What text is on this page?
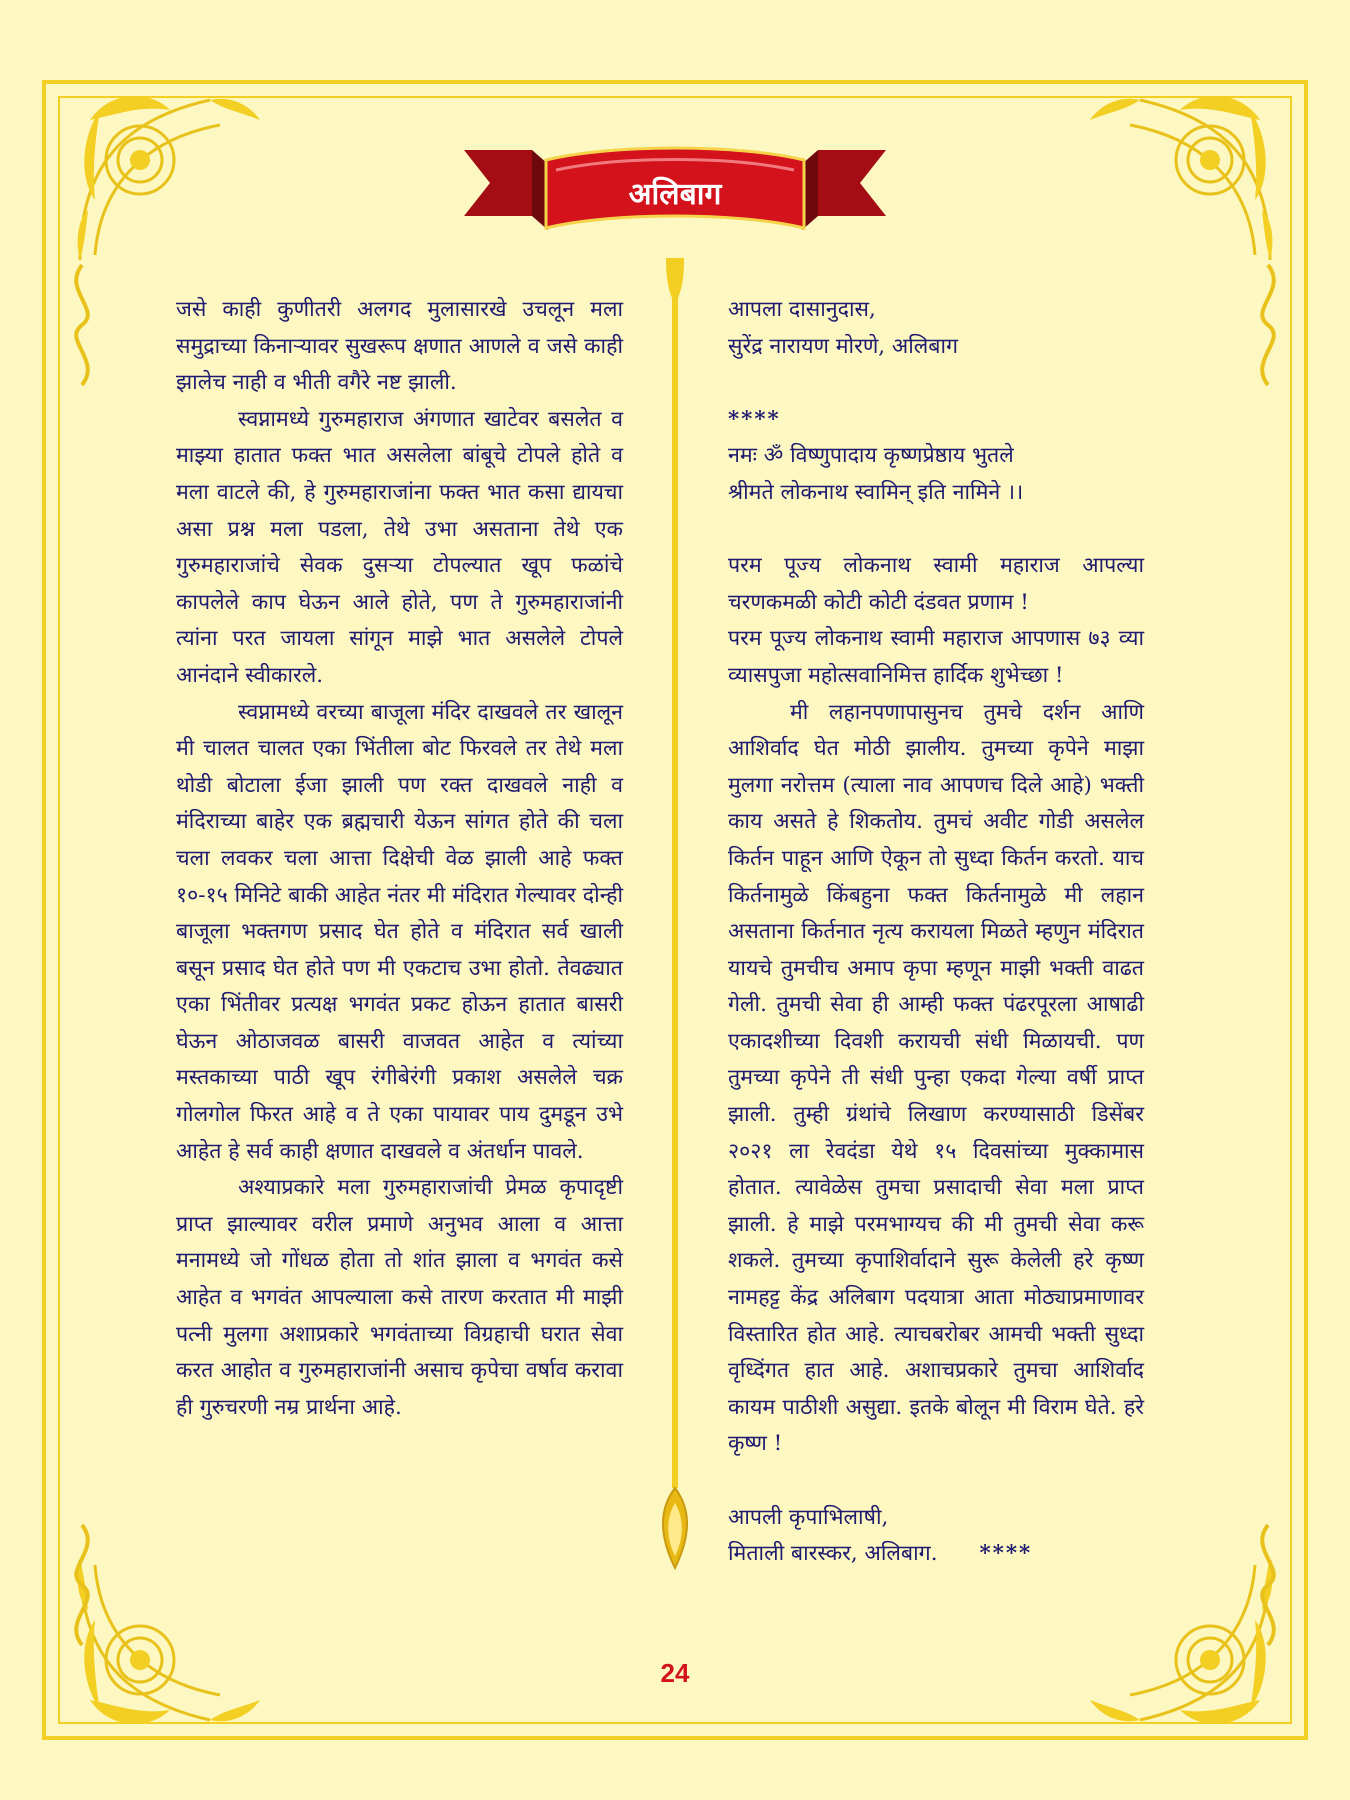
अलिबाग

जसे काही कुणीतरी अलगद मुलासारखे उचलून मला समुद्राच्या किनाऱ्यावर सुखरूप क्षणात आणले व जसे काही झालेच नाही व भीती वगैरे नष्ट झाली.

स्वप्नामध्ये गुरुमहाराज अंगणात खाटेवर बसलेत व माझ्या हातात फक्त भात असलेला बांबूचे टोपले होते व मला वाटले की, हे गुरुमहाराजांना फक्त भात कसा द्यायचा असा प्रश्न मला पडला, तेथे उभा असताना तेथे एक गुरुमहाराजांचे सेवक दुसऱ्या टोपल्यात खूप फळांचे कापलेले काप घेऊन आले होते, पण ते गुरुमहाराजांनी त्यांना परत जायला सांगून माझे भात असलेले टोपले आनंदाने स्वीकारले.

स्वप्नामध्ये वरच्या बाजूला मंदिर दाखवले तर खालून मी चालत चालत एका भिंतीला बोट फिरवले तर तेथे मला थोडी बोटाला ईजा झाली पण रक्त दाखवले नाही व मंदिराच्या बाहेर एक ब्रह्मचारी येऊन सांगत होते की चला चला लवकर चला आत्ता दिक्षेची वेळ झाली आहे फक्त १०-१५ मिनिटे बाकी आहेत नंतर मी मंदिरात गेल्यावर दोन्ही बाजूला भक्तगण प्रसाद घेत होते व मंदिरात सर्व खाली बसून प्रसाद घेत होते पण मी एकटाच उभा होतो. तेवढ्यात एका भिंतीवर प्रत्यक्ष भगवंत प्रकट होऊन हातात बासरी घेऊन ओठाजवळ बासरी वाजवत आहेत व त्यांच्या मस्तकाच्या पाठी खूप रंगीबेरंगी प्रकाश असलेले चक्र गोलगोल फिरत आहे व ते एका पायावर पाय दुमडून उभे आहेत हे सर्व काही क्षणात दाखवले व अंतर्धान पावले.

अश्याप्रकारे मला गुरुमहाराजांची प्रेमळ कृपादृष्टी प्राप्त झाल्यावर वरील प्रमाणे अनुभव आला व आत्ता मनामध्ये जो गोंधळ होता तो शांत झाला व भगवंत कसे आहेत व भगवंत आपल्याला कसे तारण करतात मी माझी पत्नी मुलगा अशाप्रकारे भगवंताच्या विग्रहाची घरात सेवा करत आहोत व गुरुमहाराजांनी असाच कृपेचा वर्षाव करावा ही गुरुचरणी नम्र प्रार्थना आहे.

आपला दासानुदास,

सुरेंद्र नारायण मोरणे, अलिबाग

****

नमः ॐ विष्णुपादाय कृष्णप्रेष्ठाय भुतले

श्रीमते लोकनाथ स्वामिन् इति नामिने ।।

परम पूज्य लोकनाथ स्वामी महाराज आपल्या चरणकमळी कोटी कोटी दंडवत प्रणाम !

परम पूज्य लोकनाथ स्वामी महाराज आपणास ७३ व्या व्यासपुजा महोत्सवानिमित्त हार्दिक शुभेच्छा !

मी लहानपणापासुनच तुमचे दर्शन आणि आशिर्वाद घेत मोठी झालीय. तुमच्या कृपेने माझा मुलगा नरोत्तम (त्याला नाव आपणच दिले आहे) भक्ती काय असते हे शिकतोय. तुमचं अवीट गोडी असलेल किर्तन पाहून आणि ऐकून तो सुध्दा किर्तन करतो. याच किर्तनामुळे किंबहुना फक्त किर्तनामुळे मी लहान असताना किर्तनात नृत्य करायला मिळते म्हणुन मंदिरात यायचे तुमचीच अमाप कृपा म्हणून माझी भक्ती वाढत गेली. तुमची सेवा ही आम्ही फक्त पंढरपूरला आषाढी एकादशीच्या दिवशी करायची संधी मिळायची. पण तुमच्या कृपेने ती संधी पुन्हा एकदा गेल्या वर्षी प्राप्त झाली. तुम्ही ग्रंथांचे लिखाण करण्यासाठी डिसेंबर २०२१ ला रेवदंडा येथे १५ दिवसांच्या मुक्कामास होतात. त्यावेळेस तुमचा प्रसादाची सेवा मला प्राप्त झाली. हे माझे परमभाग्यच की मी तुमची सेवा करू शकले. तुमच्या कृपाशिर्वादाने सुरू केलेली हरे कृष्ण नामहट्ट केंद्र अलिबाग पदयात्रा आता मोठ्याप्रमाणावर विस्तारित होत आहे. त्याचबरोबर आमची भक्ती सुध्दा वृध्दिंगत हात आहे. अशाचप्रकारे तुमचा आशिर्वाद कायम पाठीशी असुद्या. इतके बोलून मी विराम घेते. हरे कृष्ण !

आपली कृपाभिलाषी,

मिताली बारस्कर, अलिबाग. ****
24
